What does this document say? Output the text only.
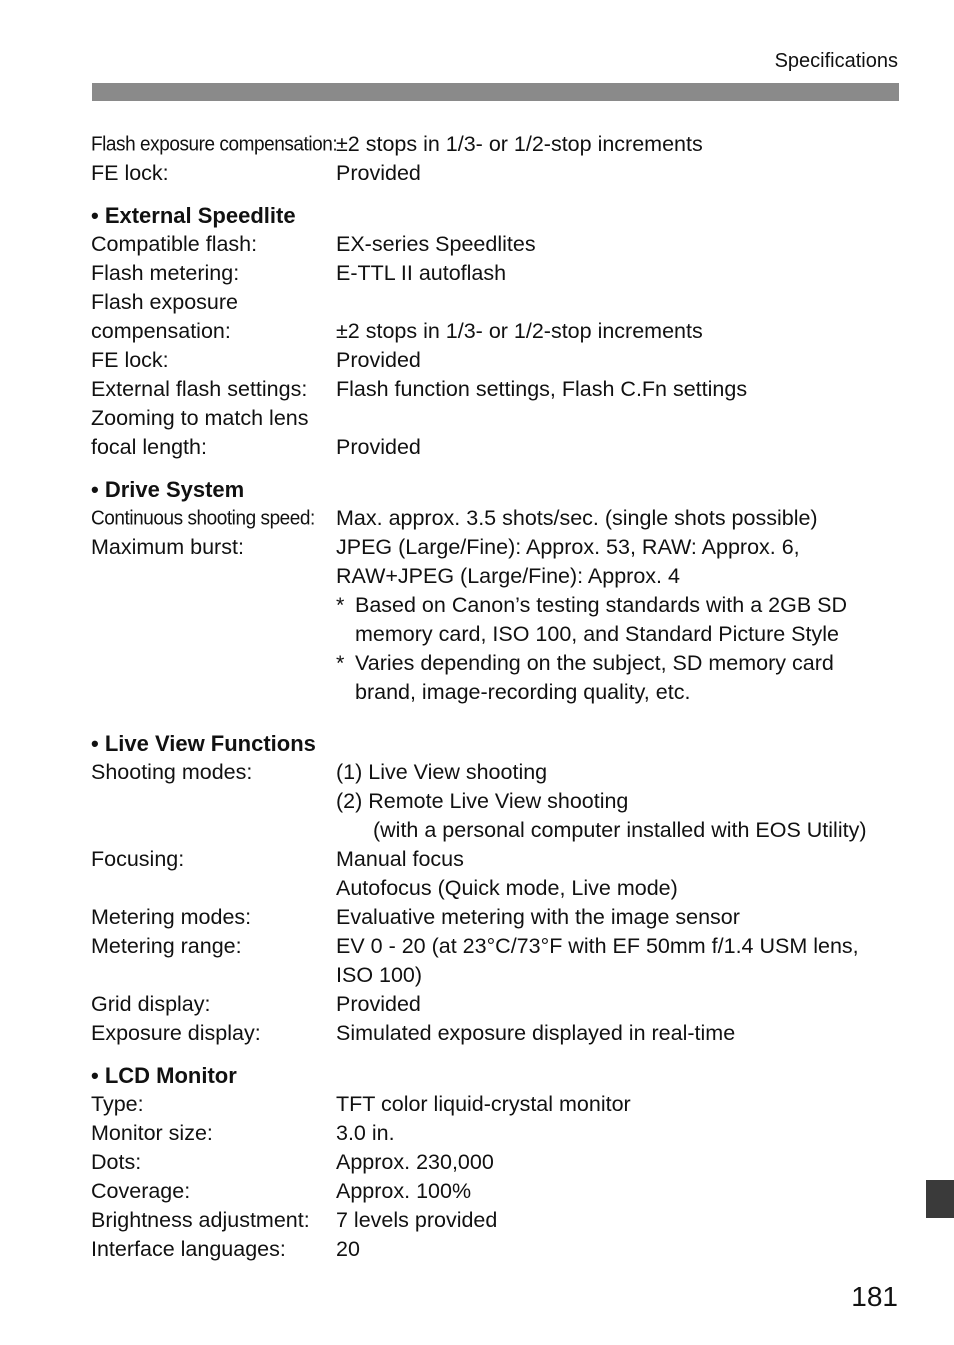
Specifications
Flash exposure compensation:
±2 stops in 1/3- or 1/2-stop increments
FE lock:	Provided
• External Speedlite
Compatible flash:	EX-series Speedlites
Flash metering:	E-TTL II autoflash
Flash exposure
compensation:	±2 stops in 1/3- or 1/2-stop increments
FE lock:	Provided
External flash settings:	Flash function settings, Flash C.Fn settings
Zooming to match lens
focal length:	Provided
• Drive System
Continuous shooting speed: Max. approx. 3.5 shots/sec. (single shots possible)
Maximum burst:	JPEG (Large/Fine): Approx. 53, RAW: Approx. 6,
RAW+JPEG (Large/Fine): Approx. 4
* Based on Canon’s testing standards with a 2GB SD memory card, ISO 100, and Standard Picture Style
* Varies depending on the subject, SD memory card brand, image-recording quality, etc.
• Live View Functions
Shooting modes:	(1) Live View shooting
(2) Remote Live View shooting
(with a personal computer installed with EOS Utility)
Focusing:	Manual focus
Autofocus (Quick mode, Live mode)
Metering modes:	Evaluative metering with the image sensor
Metering range:	EV 0 - 20 (at 23°C/73°F with EF 50mm f/1.4 USM lens,
ISO 100)
Grid display:	Provided
Exposure display:	Simulated exposure displayed in real-time
• LCD Monitor
Type:	TFT color liquid-crystal monitor
Monitor size:	3.0 in.
Dots:	Approx. 230,000
Coverage:	Approx. 100%
Brightness adjustment:	7 levels provided
Interface languages:	20
181
